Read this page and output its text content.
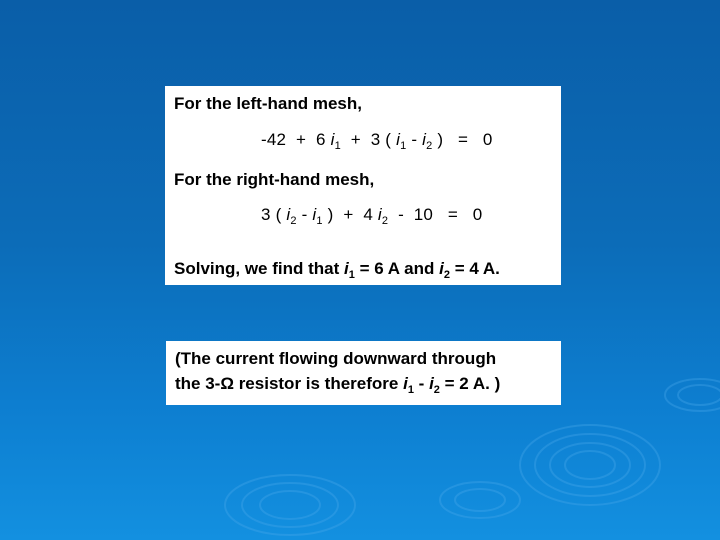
For the left-hand mesh,
-42  +  6 $i_1 + 3$ ( $i_1 - i_2$ )   =   0
For the right-hand mesh,
3 ( $i_2 - i_1$ )  +  4 $i_2 - 10 = 0$
Solving, we find that $i_1 = 6$ A and $i_2 = 4$ A.
(The current flowing downward through
the 3-Ω resistor is therefore $i_1 - i_2 = 2$ A. )
